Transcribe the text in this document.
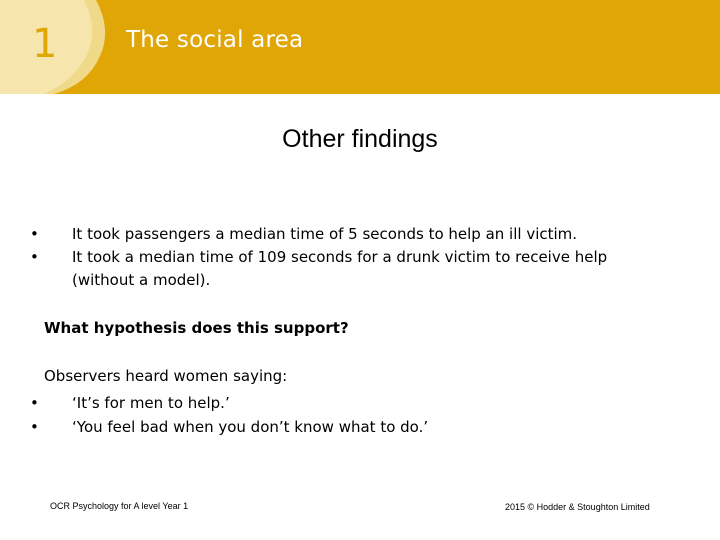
1	The social area
Other findings
• It took passengers a median time of 5 seconds to help an ill victim.
• It took a median time of 109 seconds for a drunk victim to receive help (without a model).
What hypothesis does this support?
Observers heard women saying:
• ‘It’s for men to help.’
• ‘You feel bad when you don’t know what to do.’
OCR Psychology for A level Year 1	2015 © Hodder & Stoughton Limited
